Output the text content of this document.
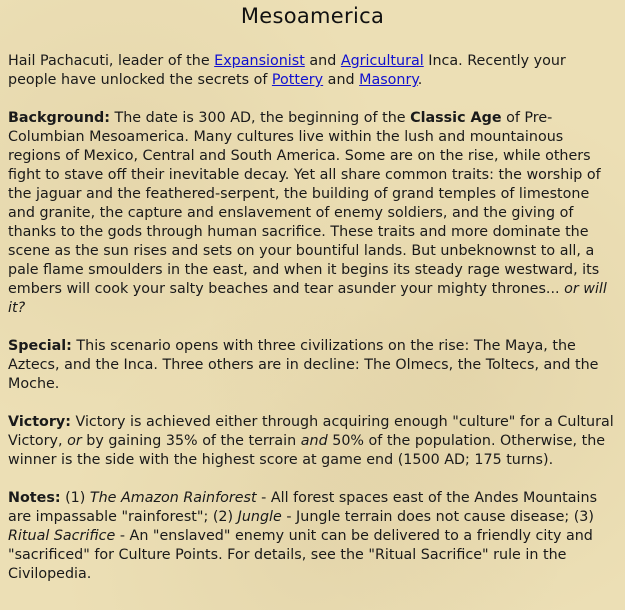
Mesoamerica

Hail Pachacuti, leader of the Expansionist and Agricultural Inca. Recently your people have unlocked the secrets of Pottery and Masonry.

Background: The date is 300 AD, the beginning of the Classic Age of Pre-Columbian Mesoamerica. Many cultures live within the lush and mountainous regions of Mexico, Central and South America. Some are on the rise, while others fight to stave off their inevitable decay. Yet all share common traits: the worship of the jaguar and the feathered-serpent, the building of grand temples of limestone and granite, the capture and enslavement of enemy soldiers, and the giving of thanks to the gods through human sacrifice. These traits and more dominate the scene as the sun rises and sets on your bountiful lands. But unbeknownst to all, a pale flame smoulders in the east, and when it begins its steady rage westward, its embers will cook your salty beaches and tear asunder your mighty thrones... or will it?

Special: This scenario opens with three civilizations on the rise: The Maya, the Aztecs, and the Inca. Three others are in decline: The Olmecs, the Toltecs, and the Moche.

Victory: Victory is achieved either through acquiring enough "culture" for a Cultural Victory, or by gaining 35% of the terrain and 50% of the population. Otherwise, the winner is the side with the highest score at game end (1500 AD; 175 turns).

Notes: (1) The Amazon Rainforest - All forest spaces east of the Andes Mountains are impassable "rainforest"; (2) Jungle - Jungle terrain does not cause disease; (3) Ritual Sacrifice - An "enslaved" enemy unit can be delivered to a friendly city and "sacrificed" for Culture Points. For details, see the "Ritual Sacrifice" rule in the Civilopedia.
